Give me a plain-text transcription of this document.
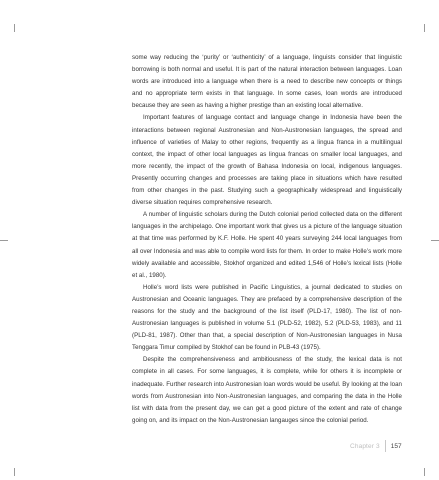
some way reducing the ‘purity’ or ‘authenticity’ of a language, linguists consider that linguistic borrowing is both normal and useful. It is part of the natural interaction between languages. Loan words are introduced into a language when there is a need to describe new concepts or things and no appropriate term exists in that language. In some cases, loan words are introduced because they are seen as having a higher prestige than an existing local alternative.

Important features of language contact and language change in Indonesia have been the interactions between regional Austronesian and Non-Austronesian languages, the spread and influence of varieties of Malay to other regions, frequently as a lingua franca in a multilingual context, the impact of other local languages as lingua francas on smaller local languages, and more recently, the impact of the growth of Bahasa Indonesia on local, indigenous languages. Presently occurring changes and processes are taking place in situations which have resulted from other changes in the past. Studying such a geographically widespread and linguistically diverse situation requires comprehensive research.

A number of linguistic scholars during the Dutch colonial period collected data on the different languages in the archipelago. One important work that gives us a picture of the language situation at that time was performed by K.F. Holle. He spent 40 years surveying 244 local languages from all over Indonesia and was able to compile word lists for them. In order to make Holle’s work more widely available and accessible, Stokhof organized and edited 1,546 of Holle’s lexical lists (Holle et al., 1980).

Holle’s word lists were published in Pacific Linguistics, a journal dedicated to studies on Austronesian and Oceanic languages. They are prefaced by a comprehensive description of the reasons for the study and the background of the list itself (PLD-17, 1980). The list of non-Austronesian languages is published in volume 5.1 (PLD-52, 1982), 5.2 (PLD-53, 1983), and 11 (PLD-81, 1987). Other than that, a special description of Non-Austronesian languages in Nusa Tenggara Timur compiled by Stokhof can be found in PLB-43 (1975).

Despite the comprehensiveness and ambitiousness of the study, the lexical data is not complete in all cases. For some languages, it is complete, while for others it is incomplete or inadequate. Further research into Austronesian loan words would be useful. By looking at the loan words from Austronesian into Non-Austronesian languages, and comparing the data in the Holle list with data from the present day, we can get a good picture of the extent and rate of change going on, and its impact on the Non-Austronesian langauges since the colonial period.

Chapter 3 157
